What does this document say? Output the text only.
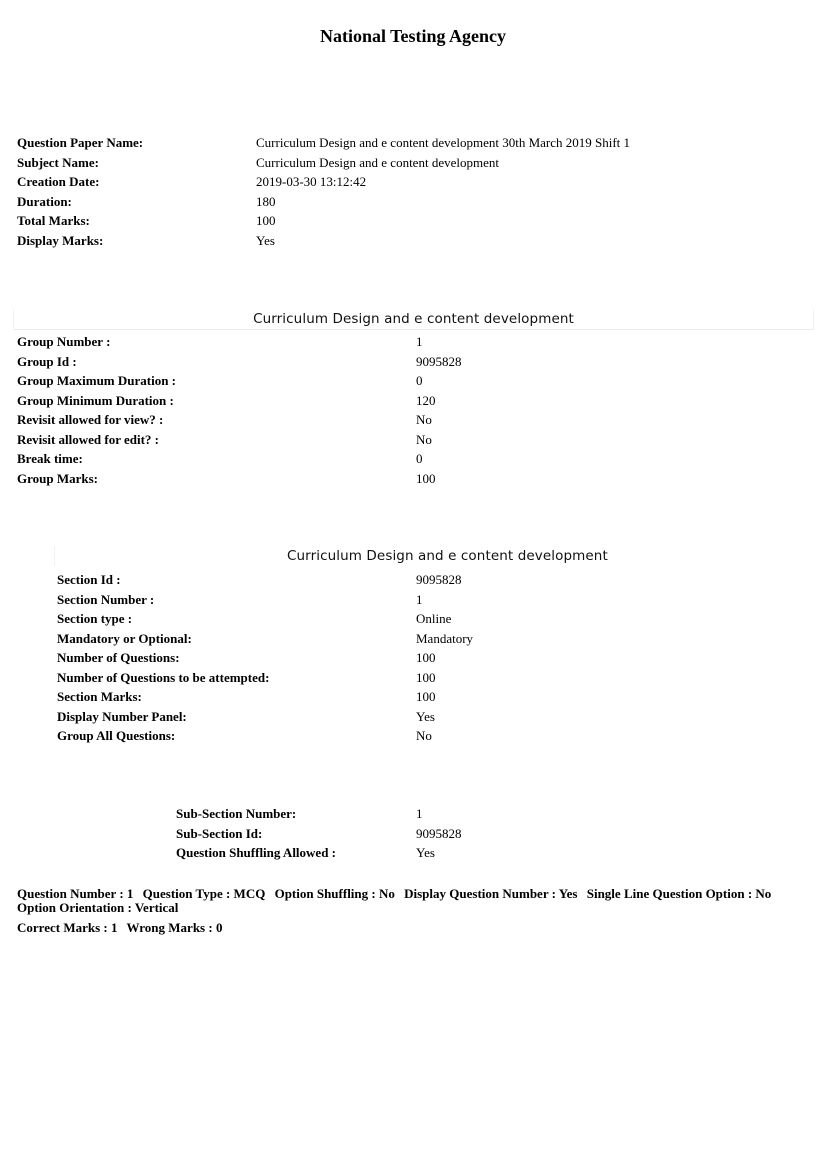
National Testing Agency
Question Paper Name:	Curriculum Design and e content development 30th March 2019 Shift 1
Subject Name:	Curriculum Design and e content development
Creation Date:	2019-03-30 13:12:42
Duration:	180
Total Marks:	100
Display Marks:	Yes
Curriculum Design and e content development
Group Number :	1
Group Id :	9095828
Group Maximum Duration :	0
Group Minimum Duration :	120
Revisit allowed for view? :	No
Revisit allowed for edit? :	No
Break time:	0
Group Marks:	100
Curriculum Design and e content development
Section Id :	9095828
Section Number :	1
Section type :	Online
Mandatory or Optional:	Mandatory
Number of Questions:	100
Number of Questions to be attempted:	100
Section Marks:	100
Display Number Panel:	Yes
Group All Questions:	No
Sub-Section Number:	1
Sub-Section Id:	9095828
Question Shuffling Allowed :	Yes
Question Number : 1 Question Type : MCQ Option Shuffling : No Display Question Number : Yes Single Line Question Option : No Option Orientation : Vertical
Correct Marks : 1 Wrong Marks : 0
